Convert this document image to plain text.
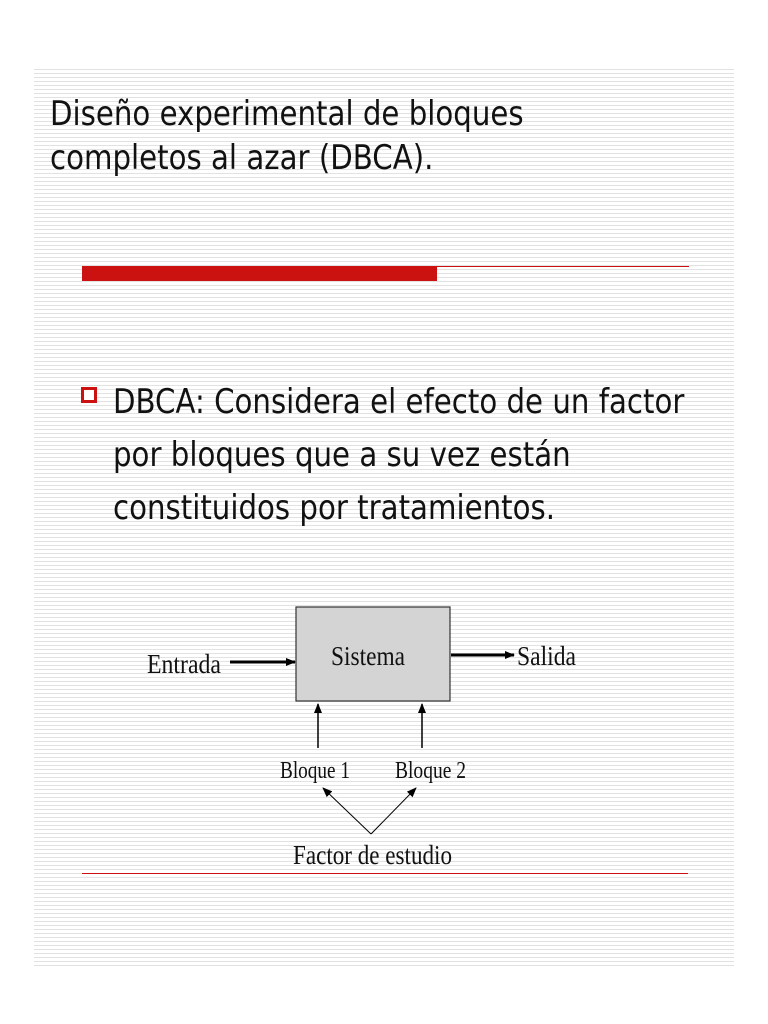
Diseño experimental de bloques
completos al azar (DBCA).
DBCA: Considera el efecto de un factor
por bloques que a su vez están
constituidos por tratamientos.
Sistema
Entrada	Salida
Bloque 1 Bloque 2
Factor de estudio
